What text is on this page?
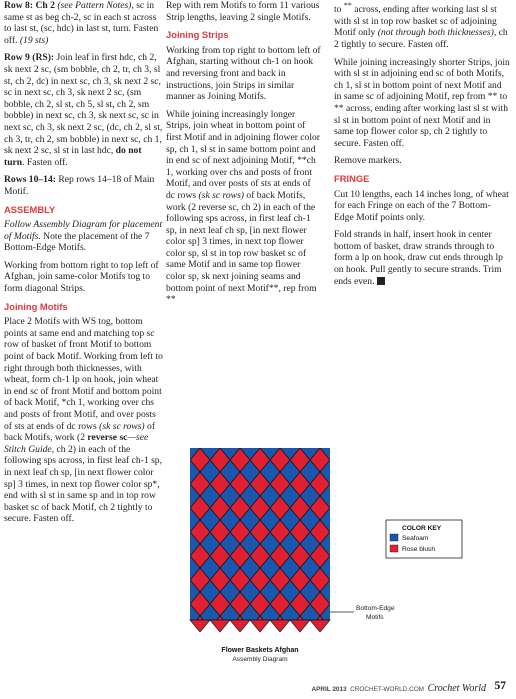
Row 8: Ch 2 (see Pattern Notes), sc in same st as beg ch-2, sc in each st across to last st, (sc, hdc) in last st, turn. Fasten off. (19 sts)

Row 9 (RS): Join leaf in first hdc, ch 2, sk next 2 sc, (sm bobble, ch 2, tr, ch 3, sl st, ch 2, dc) in next sc, ch 3, sk next 2 sc, sc in next sc, ch 3, sk next 2 sc, (sm bobble, ch 2, sl st, ch 5, sl st, ch 2, sm bobble) in next sc, ch 3, sk next sc, sc in next sc, ch 3, sk next 2 sc, (dc, ch 2, sl st, ch 3, tr, ch 2, sm bobble) in next sc, ch 1, sk next 2 sc, sl st in last hdc, do not turn. Fasten off.

Rows 10–14: Rep rows 14–18 of Main Motif.

ASSEMBLY

Follow Assembly Diagram for placement of Motifs. Note the placement of the 7 Bottom-Edge Motifs.

Working from bottom right to top left of Afghan, join same-color Motifs tog to form diagonal Strips.

Joining Motifs

Place 2 Motifs with WS tog, bottom points at same end and matching top sc row of basket of front Motif to bottom point of back Motif. Working from left to right through both thicknesses, with wheat, form ch-1 lp on hook, join wheat in end sc of front Motif and bottom point of back Motif, *ch 1, working over chs and posts of front Motif, and over posts of sts at ends of dc rows (sk sc rows) of back Motifs, work (2 reverse sc—see Stitch Guide, ch 2) in each of the following sps across, in first leaf ch-1 sp, in next leaf ch sp, [in next flower color sp] 3 times, in next top flower color sp*, end with sl st in same sp and in top row basket sc of back Motif, ch 2 tightly to secure. Fasten off.

Rep with rem Motifs to form 11 various Strip lengths, leaving 2 single Motifs.

Joining Strips

Working from top right to bottom left of Afghan, starting without ch-1 on hook and reversing front and back in instructions, join Strips in similar manner as Joining Motifs.

While joining increasingly longer Strips, join wheat in bottom point of first Motif and in adjoining flower color sp, ch 1, sl st in same bottom point and in end sc of next adjoining Motif, **ch 1, working over chs and posts of front Motif, and over posts of sts at ends of dc rows (sk sc rows) of back Motifs, work (2 reverse sc, ch 2) in each of the following sps across, in first leaf ch-1 sp, in next leaf ch sp, [in next flower color sp] 3 times, in next top flower color sp, sl st in top row basket sc of same Motif and in same top flower color sp, sk next joining seams and bottom point of next Motif**, rep from **

to ** across, ending after working last sl st with sl st in top row basket sc of adjoining Motif only (not through both thicknesses), ch 2 tightly to secure. Fasten off.

While joining increasingly shorter Strips, join with sl st in adjoining end sc of both Motifs, ch 1, sl st in bottom point of next Motif and in same sc of adjoining Motif, rep from ** to ** across, ending after working last sl st with sl st in bottom point of next Motif and in same top flower color sp, ch 2 tightly to secure. Fasten off.

Remove markers.

FRINGE

Cut 10 lengths, each 14 inches long, of wheat for each Fringe on each of the 7 Bottom-Edge Motif points only.

Fold strands in half, insert hook in center bottom of basket, draw strands through to form a lp on hook, draw cut ends through lp on hook. Pull gently to secure strands. Trim ends even.

Bottom-Edge
Motifs
COLOR KEY
Seafoam
Rose blush
Flower Baskets Afghan
Assembly Diagram
APRIL 2013 CROCHET-WORLD.COM Crochet World 57
